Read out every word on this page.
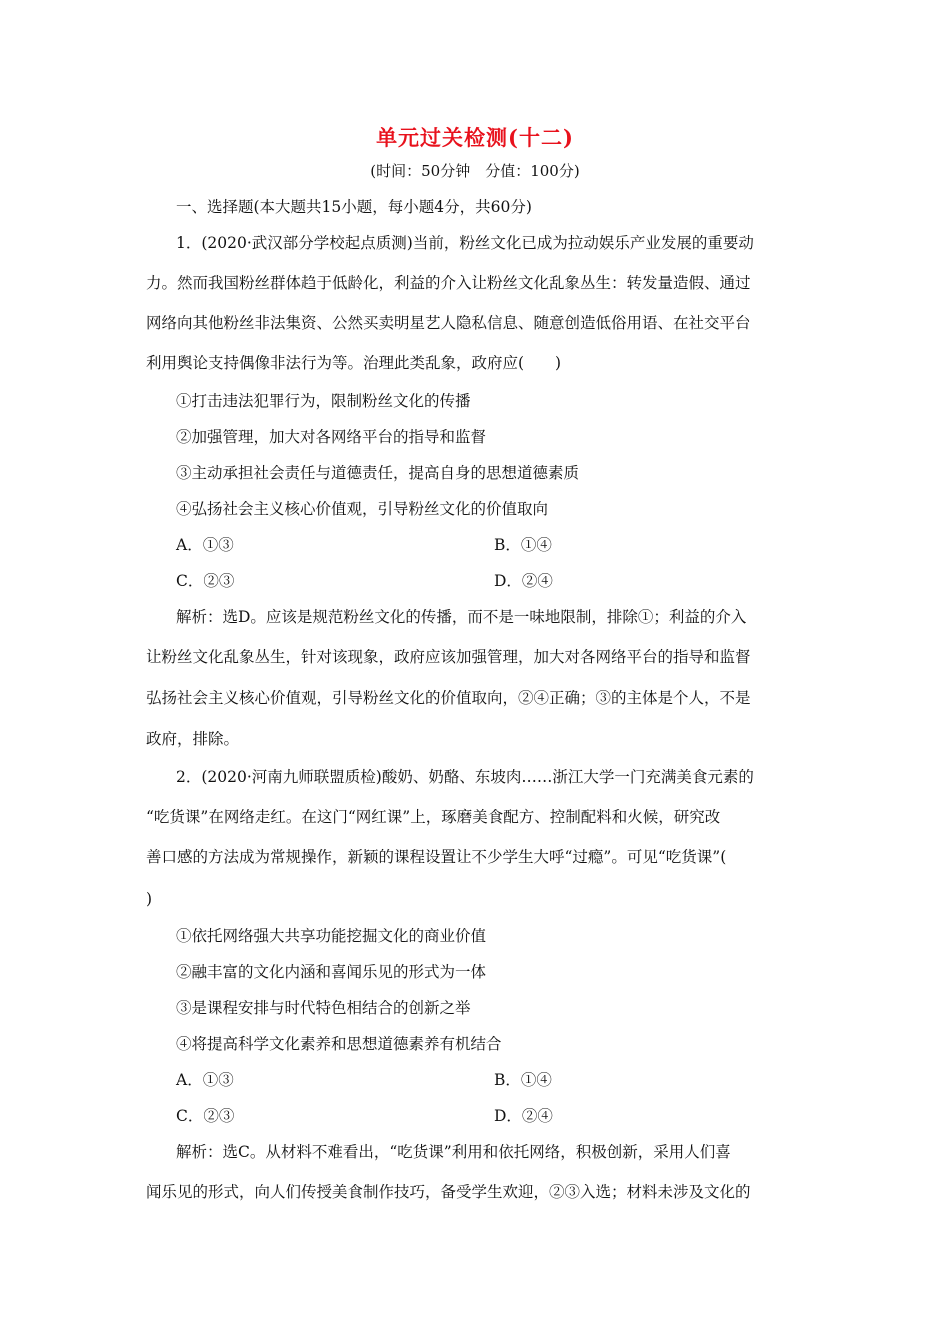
单元过关检测(十二)
(时间：50分钟　分值：100分)
一、选择题(本大题共15小题，每小题4分，共60分)
1．(2020·武汉部分学校起点质测)当前，粉丝文化已成为拉动娱乐产业发展的重要动
力。然而我国粉丝群体趋于低龄化，利益的介入让粉丝文化乱象丛生：转发量造假、通过
网络向其他粉丝非法集资、公然买卖明星艺人隐私信息、随意创造低俗用语、在社交平台
利用舆论支持偶像非法行为等。治理此类乱象，政府应(　　)
①打击违法犯罪行为，限制粉丝文化的传播
②加强管理，加大对各网络平台的指导和监督
③主动承担社会责任与道德责任，提高自身的思想道德素质
④弘扬社会主义核心价值观，引导粉丝文化的价值取向
A．①③	B．①④
C．②③	D．②④
解析：选D。应该是规范粉丝文化的传播，而不是一味地限制，排除①；利益的介入
让粉丝文化乱象丛生，针对该现象，政府应该加强管理，加大对各网络平台的指导和监督
弘扬社会主义核心价值观，引导粉丝文化的价值取向，②④正确；③的主体是个人，不是
政府，排除。
2．(2020·河南九师联盟质检)酸奶、奶酪、东坡肉……浙江大学一门充满美食元素的
“吃货课”在网络走红。在这门“网红课”上，琢磨美食配方、控制配料和火候，研究改
善口感的方法成为常规操作，新颖的课程设置让不少学生大呼“过瘾”。可见“吃货课”(
)
①依托网络强大共享功能挖掘文化的商业价值
②融丰富的文化内涵和喜闻乐见的形式为一体
③是课程安排与时代特色相结合的创新之举
④将提高科学文化素养和思想道德素养有机结合
A．①③	B．①④
C．②③	D．②④
解析：选C。从材料不难看出，“吃货课”利用和依托网络，积极创新，采用人们喜
闻乐见的形式，向人们传授美食制作技巧，备受学生欢迎，②③入选；材料未涉及文化的
